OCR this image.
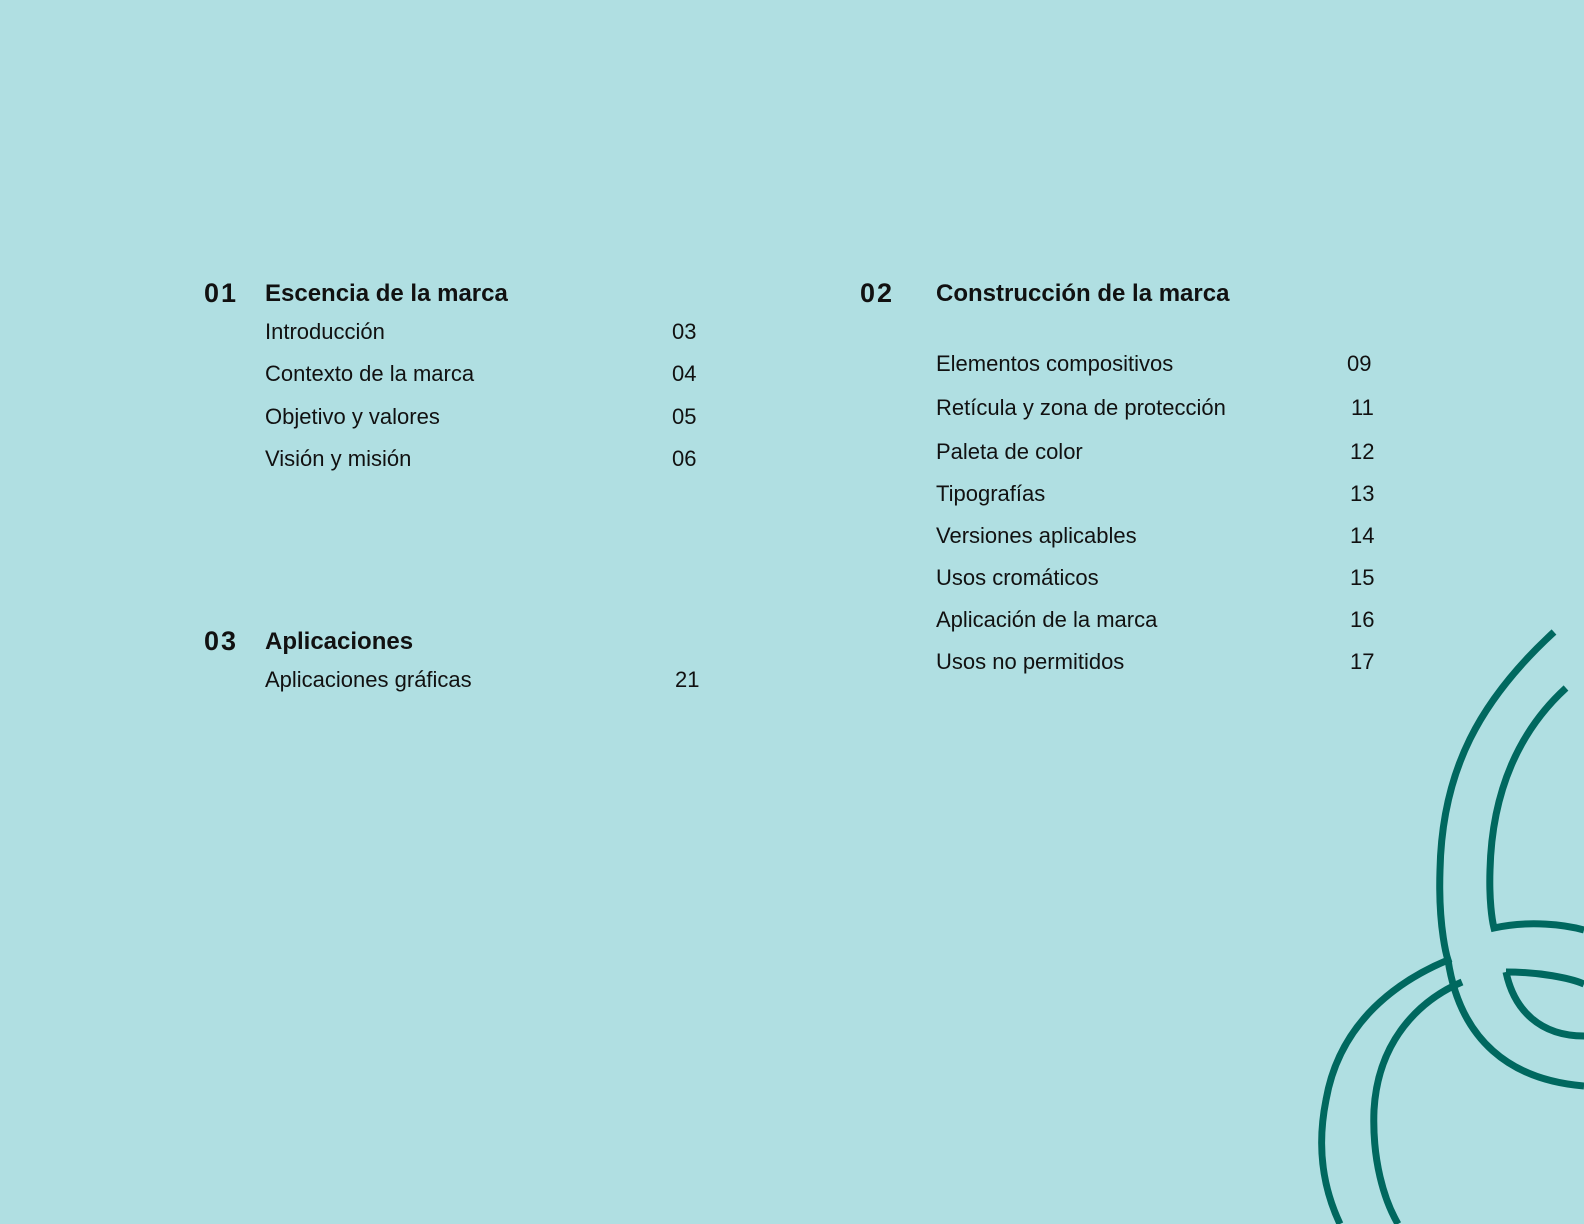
01 Escencia de la marca
Introducción	03
Contexto de la marca	04
Objetivo y valores	05
Visión y misión	06
02 Construcción de la marca
Elementos compositivos	09
Retícula y zona de protección	11
Paleta de color	12
Tipografías	13
Versiones aplicables	14
Usos cromáticos	15
Aplicación de la marca	16
Usos no permitidos	17
03 Aplicaciones
Aplicaciones gráficas	21
